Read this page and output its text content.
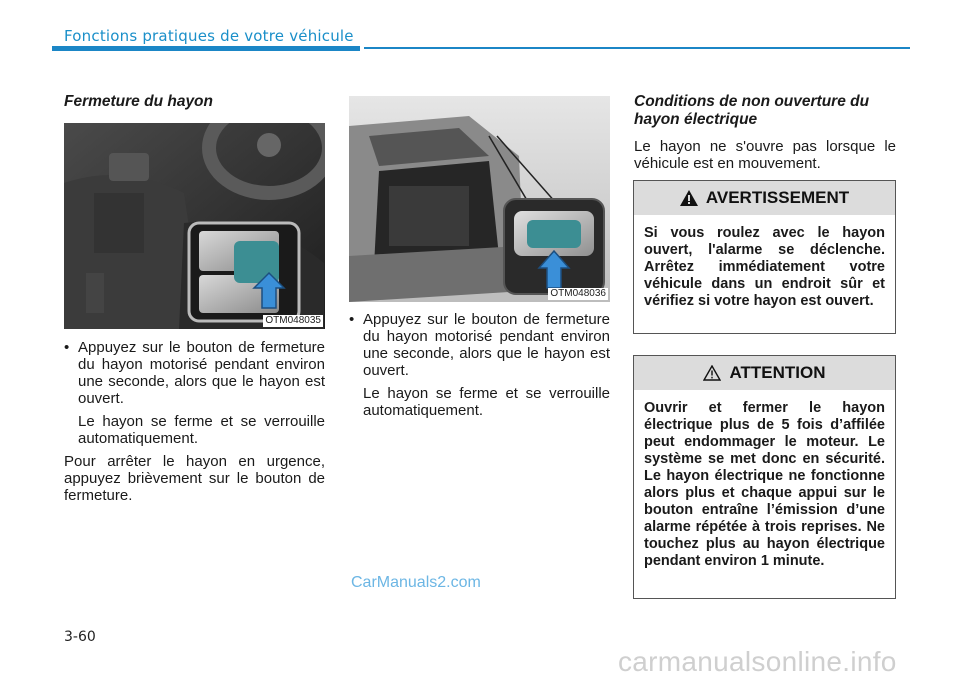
Fonctions pratiques de votre véhicule

Fermeture du hayon

OTM048035

• Appuyez sur le bouton de fermeture du hayon motorisé pendant environ une seconde, alors que le hayon est ouvert.

Le hayon se ferme et se verrouille automatiquement.

Pour arrêter le hayon en urgence, appuyez brièvement sur le bouton de fermeture.

OTM048036

• Appuyez sur le bouton de fermeture du hayon motorisé pendant environ une seconde, alors que le hayon est ouvert.

Le hayon se ferme et se verrouille automatiquement.

Conditions de non ouverture du hayon électrique

Le hayon ne s'ouvre pas lorsque le véhicule est en mouvement.

AVERTISSEMENT

Si vous roulez avec le hayon ouvert, l'alarme se déclenche. Arrêtez immédiatement votre véhicule dans un endroit sûr et vérifiez si votre hayon est ouvert.

ATTENTION

Ouvrir et fermer le hayon électrique plus de 5 fois d’affilée peut endommager le moteur. Le système se met donc en sécurité. Le hayon électrique ne fonctionne alors plus et chaque appui sur le bouton entraîne l’émission d’une alarme répétée à trois reprises. Ne touchez plus au hayon électrique pendant environ 1 minute.

3-60
CarManuals2.com
carmanualsonline.info
